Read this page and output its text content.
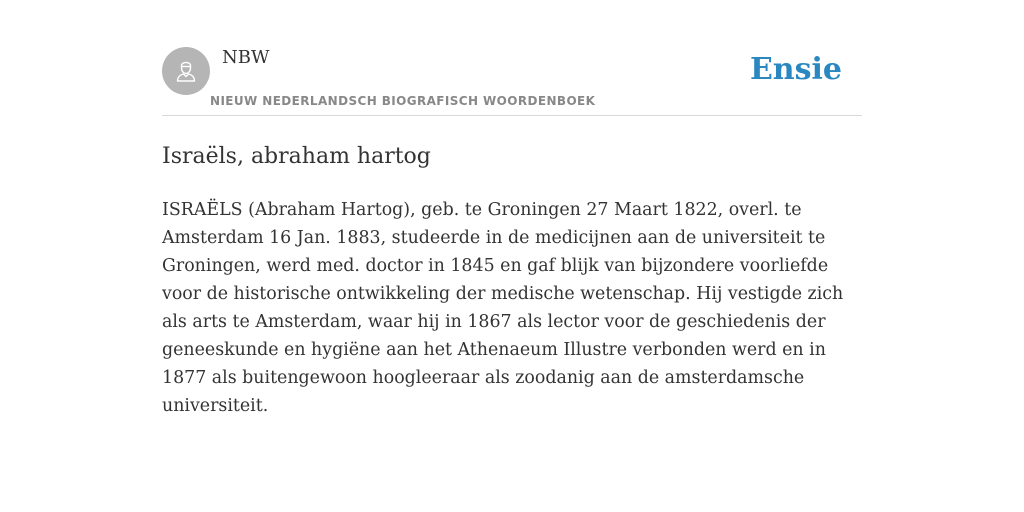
NBW
NIEUW NEDERLANDSCH BIOGRAFISCH WOORDENBOEK
Ensie
Israëls, abraham hartog

ISRAËLS (Abraham Hartog), geb. te Groningen 27 Maart 1822, overl. te Amsterdam 16 Jan. 1883, studeerde in de medicijnen aan de universiteit te Groningen, werd med. doctor in 1845 en gaf blijk van bijzondere voorliefde voor de historische ontwikkeling der medische wetenschap. Hij vestigde zich als arts te Amsterdam, waar hij in 1867 als lector voor de geschiedenis der geneeskunde en hygiëne aan het Athenaeum Illustre verbonden werd en in 1877 als buitengewoon hoogleeraar als zoodanig aan de amsterdamsche universiteit.
